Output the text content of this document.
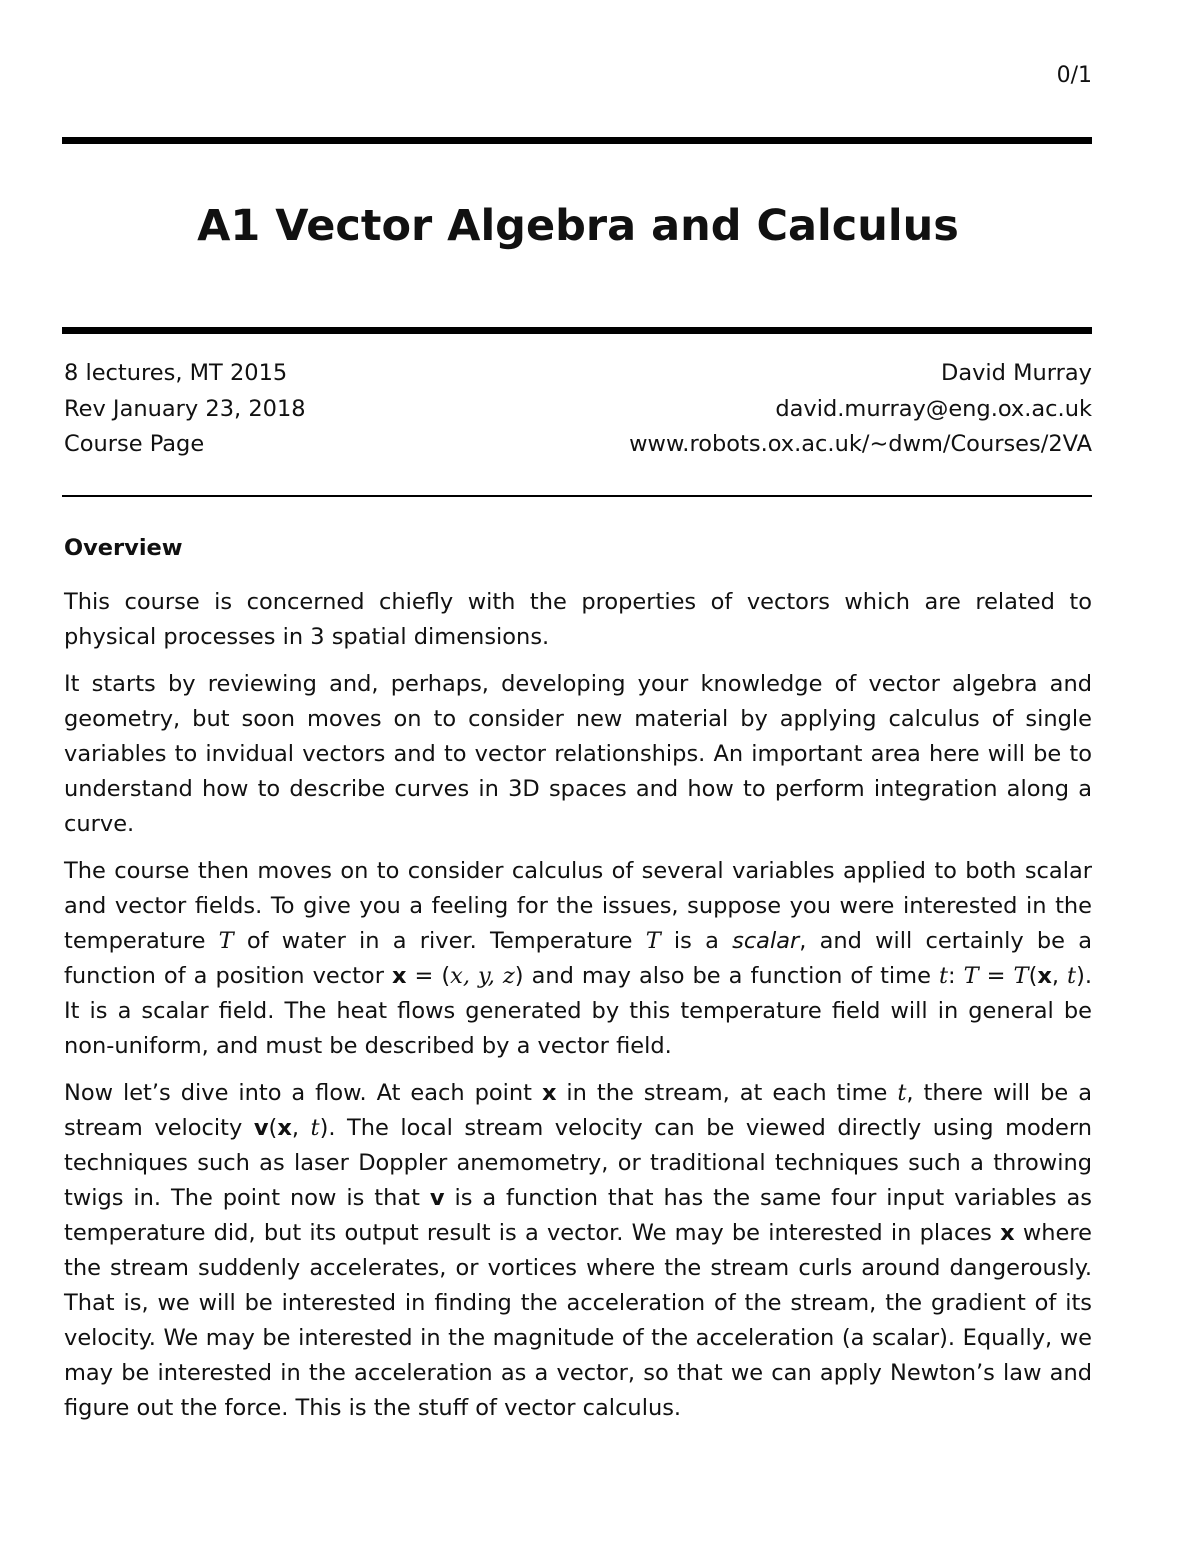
0/1
A1 Vector Algebra and Calculus
8 lectures, MT 2015	David Murray
Rev January 23, 2018	david.murray@eng.ox.ac.uk
Course Page	www.robots.ox.ac.uk/∼dwm/Courses/2VA
Overview

This course is concerned chiefly with the properties of vectors which are related to physical processes in 3 spatial dimensions.

It starts by reviewing and, perhaps, developing your knowledge of vector algebra and geometry, but soon moves on to consider new material by applying calculus of single variables to invidual vectors and to vector relationships. An important area here will be to understand how to describe curves in 3D spaces and how to perform integration along a curve.

The course then moves on to consider calculus of several variables applied to both scalar and vector fields. To give you a feeling for the issues, suppose you were interested in the temperature T of water in a river. Temperature T is a scalar, and will certainly be a function of a position vector x = (x, y, z) and may also be a function of time t: T = T(x, t). It is a scalar field. The heat flows generated by this temperature field will in general be non-uniform, and must be described by a vector field.

Now let’s dive into a flow. At each point x in the stream, at each time t, there will be a stream velocity v(x, t). The local stream velocity can be viewed directly using modern techniques such as laser Doppler anemometry, or traditional techniques such a throwing twigs in. The point now is that v is a function that has the same four input variables as temperature did, but its output result is a vector. We may be interested in places x where the stream suddenly accelerates, or vortices where the stream curls around dangerously. That is, we will be interested in finding the acceleration of the stream, the gradient of its velocity. We may be interested in the magnitude of the acceleration (a scalar). Equally, we may be interested in the acceleration as a vector, so that we can apply Newton’s law and figure out the force. This is the stuff of vector calculus.
